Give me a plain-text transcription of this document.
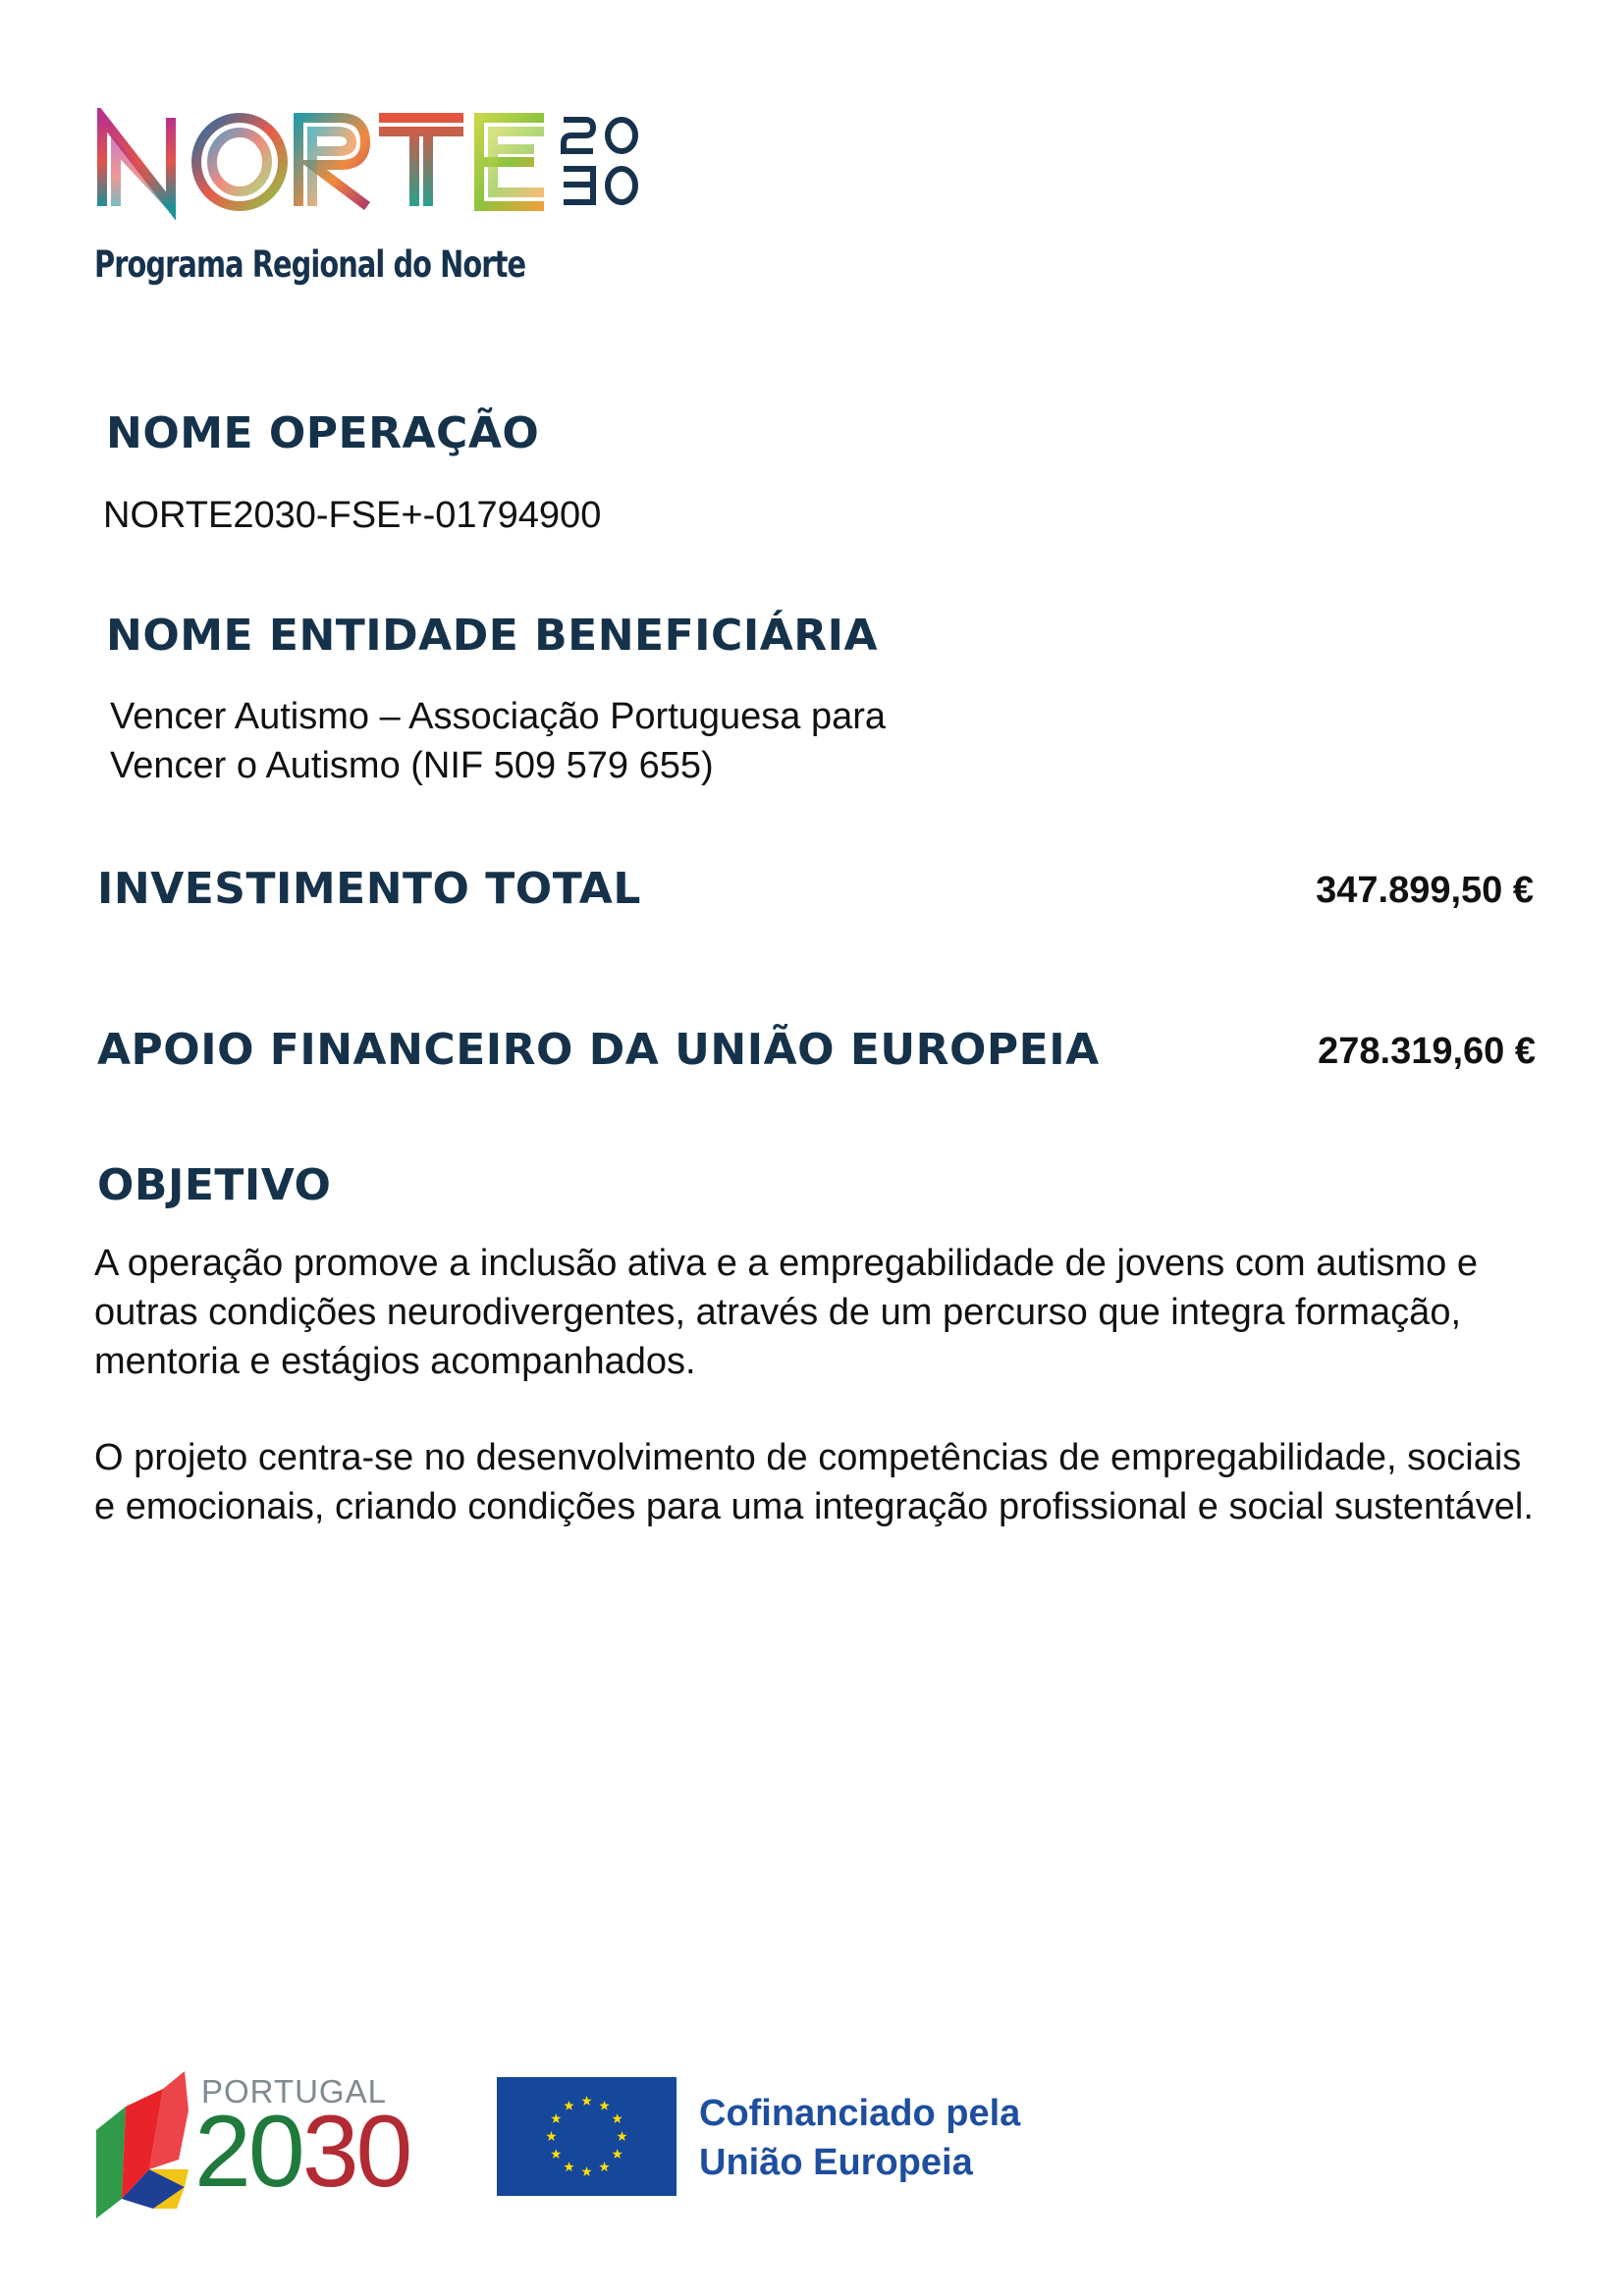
Programa Regional do Norte
NOME OPERAÇÃO
NORTE2030-FSE+-01794900
NOME ENTIDADE BENEFICIÁRIA
Vencer Autismo – Associação Portuguesa para
Vencer o Autismo (NIF 509 579 655)
INVESTIMENTO TOTAL	347.899,50 €
APOIO FINANCEIRO DA UNIÃO EUROPEIA	278.319,60 €
OBJETIVO
A operação promove a inclusão ativa e a empregabilidade de jovens com autismo e outras condições neurodivergentes, através de um percurso que integra formação, mentoria e estágios acompanhados.
O projeto centra-se no desenvolvimento de competências de empregabilidade, sociais e emocionais, criando condições para uma integração profissional e social sustentável.
PORTUGAL
2030	Cofinanciado pela
União Europeia
